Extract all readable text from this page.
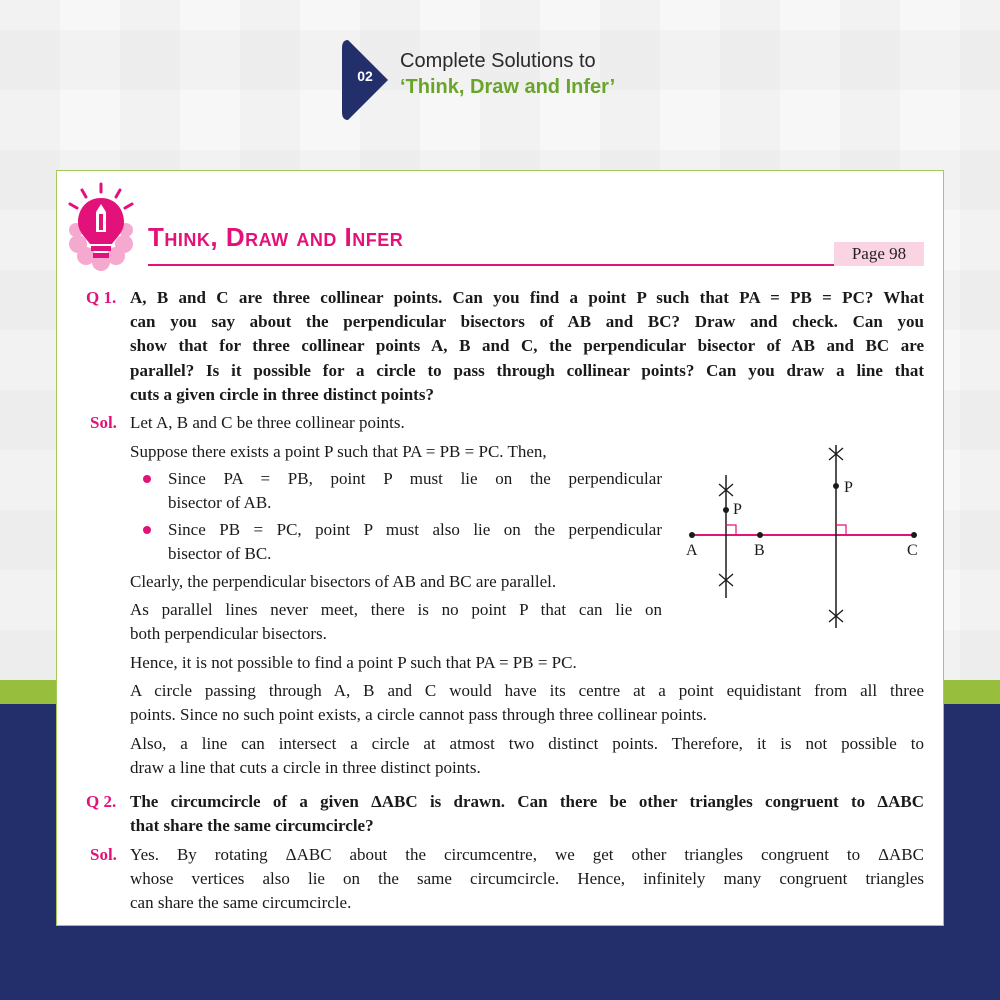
02
Complete Solutions to
‘Think, Draw and Infer’
Think, Draw and Infer
Page 98
Q 1. A, B and C are three collinear points. Can you find a point P such that PA = PB = PC? What
can you say about the perpendicular bisectors of AB and BC? Draw and check. Can you
show that for three collinear points A, B and C, the perpendicular bisector of AB and BC are
parallel? Is it possible for a circle to pass through collinear points? Can you draw a line that
cuts a given circle in three distinct points?
Sol. Let A, B and C be three collinear points.
Suppose there exists a point P such that PA = PB = PC. Then,
Since PA = PB, point P must lie on the perpendicular
bisector of AB.
Since PB = PC, point P must also lie on the perpendicular
bisector of BC.
Clearly, the perpendicular bisectors of AB and BC are parallel.
As parallel lines never meet, there is no point P that can lie on
both perpendicular bisectors.
Hence, it is not possible to find a point P such that PA = PB = PC.
A circle passing through A, B and C would have its centre at a point equidistant from all three
points. Since no such point exists, a circle cannot pass through three collinear points.
Also, a line can intersect a circle at atmost two distinct points. Therefore, it is not possible to
draw a line that cuts a circle in three distinct points.
A	B	C
P
P
Q 2. The circumcircle of a given ΔABC is drawn. Can there be other triangles congruent to ΔABC
that share the same circumcircle?
Sol. Yes. By rotating ΔABC about the circumcentre, we get other triangles congruent to ΔABC
whose vertices also lie on the same circumcircle. Hence, infinitely many congruent triangles
can share the same circumcircle.
